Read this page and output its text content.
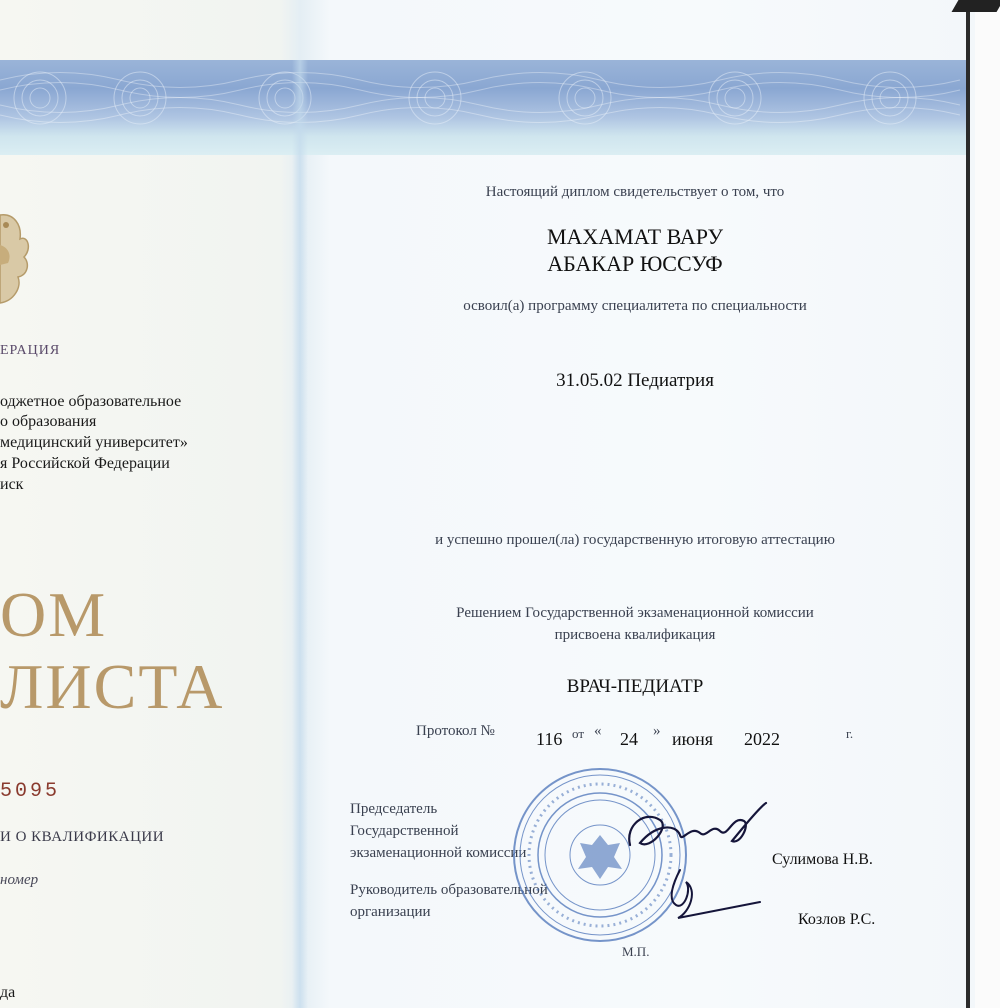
ЕРАЦИЯ
оджетное образовательное
о образования
медицинский университет»
я Российской Федерации
иск
ОМ
ЛИСТА
5095
И О КВАЛИФИКАЦИИ
номер
да
Настоящий диплом свидетельствует о том, что
МАХАМАТ ВАРУ
АБАКАР ЮССУФ
освоил(а) программу специалитета по специальности
31.05.02 Педиатрия
и успешно прошел(ла) государственную итоговую аттестацию
Решением Государственной экзаменационной комиссии
присвоена квалификация
ВРАЧ-ПЕДИАТР
Протокол № 116 от « 24 » июня 2022	г.
Председатель
Государственной
экзаменационной комиссии	Сулимова Н.В.
Руководитель образовательной
организации	Козлов Р.С.
М.П.
